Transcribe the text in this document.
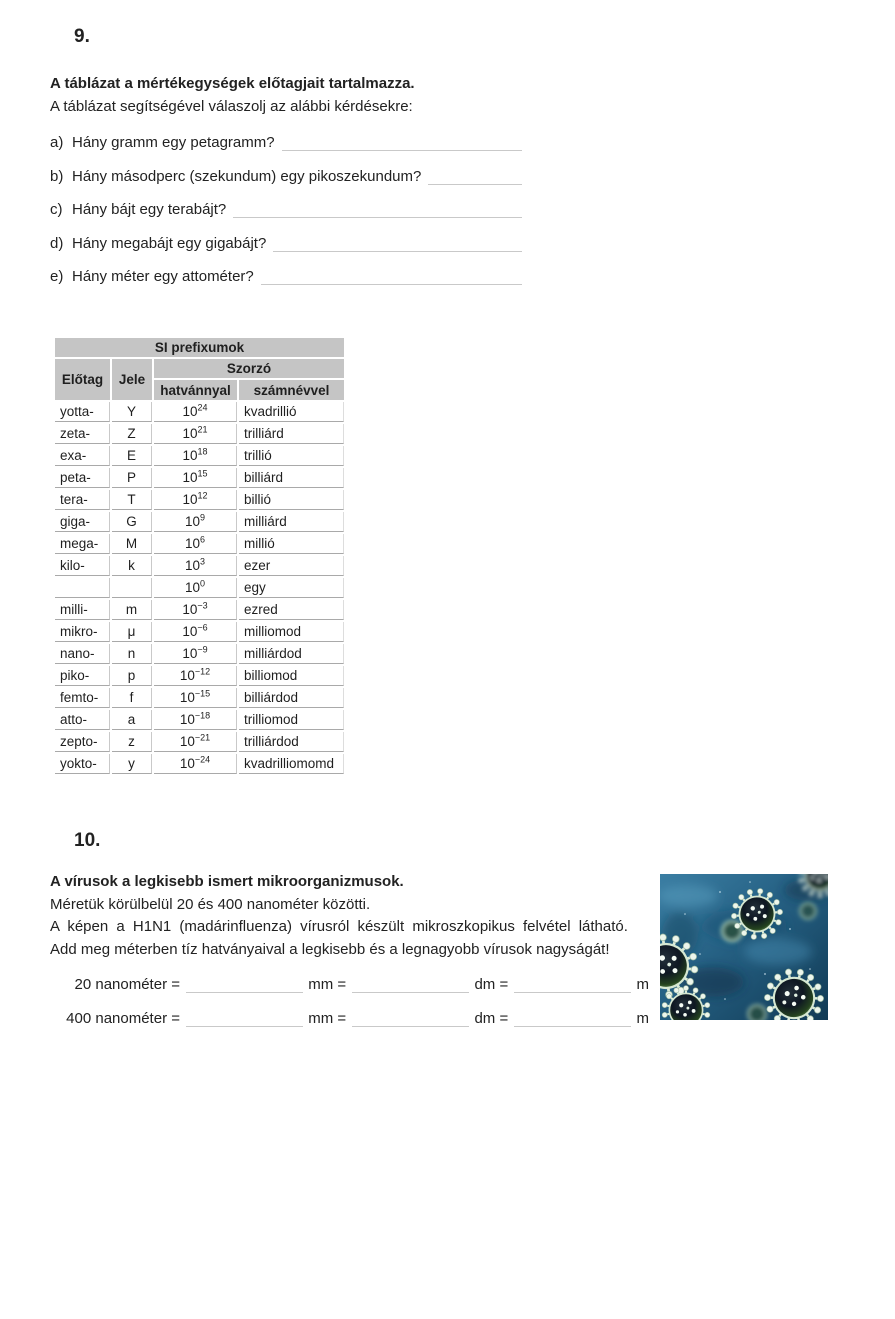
9.
A táblázat a mértékegységek előtagjait tartalmazza.
A táblázat segítségével válaszolj az alábbi kérdésekre:
a) Hány gramm egy petagramm?
b) Hány másodperc (szekundum) egy pikoszekundum?
c) Hány bájt egy terabájt?
d) Hány megabájt egy gigabájt?
e) Hány méter egy attométer?
SI prefixumok			
Előtag	Jele	Szorzó	
		hatvánnyal	számnévvel
yotta-	Y	$10^{24}$	kvadrillió
zeta-	Z	$10^{21}$	trilliárd
exa-	E	$10^{18}$	trillió
peta-	P	$10^{15}$	billiárd
tera-	T	$10^{12}$	billió
giga-	G	$10^9$	milliárd
mega-	M	$10^6$	millió
kilo-	k	$10^3$	ezer
		$10^0$	egy
milli-	m	$10^{-3}$	ezred
mikro-	μ	$10^{-6}$	milliomod
nano-	n	$10^{-9}$	milliárdod
piko-	p	$10^{-12}$	billiomod
femto-	f	$10^{-15}$	billiárdod
atto-	a	$10^{-18}$	trilliomod
zepto-	z	$10^{-21}$	trilliárdod
yokto-	y	$10^{-24}$	kvadrilliomomd
10.
A vírusok a legkisebb ismert mikroorganizmusok.
Méretük körülbelül 20 és 400 nanométer közötti.
A képen a H1N1 (madárinfluenza) vírusról készült mikroszkopikus felvétel látható.
Add meg méterben tíz hatványaival a legkisebb és a legnagyobb vírusok nagyságát!
20 nanométer =	mm =	dm =	m
400 nanométer =	mm =	dm =	m
